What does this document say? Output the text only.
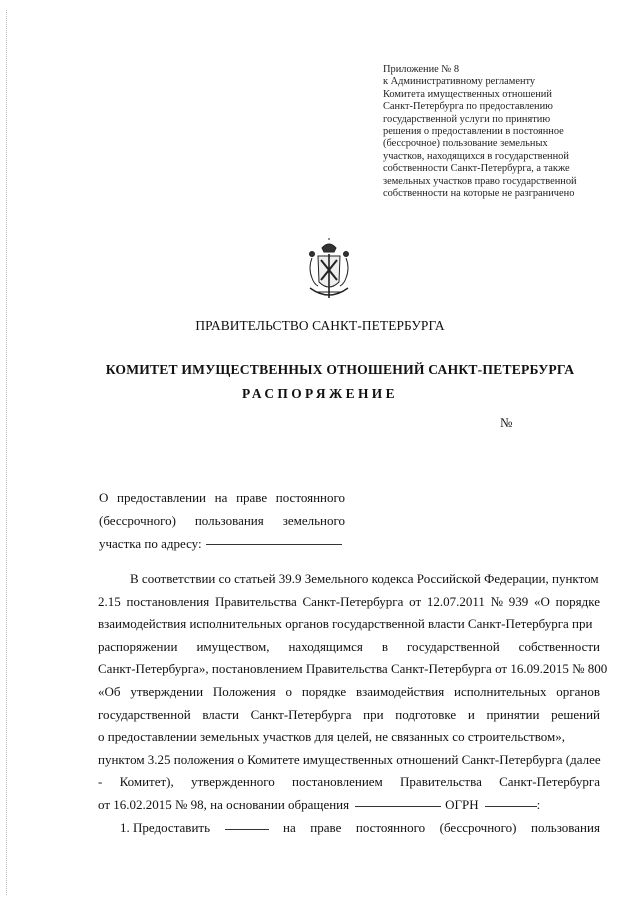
Приложение № 8
к Административному регламенту
Комитета имущественных отношений
Санкт-Петербурга по предоставлению
государственной услуги по принятию
решения о предоставлении в постоянное
(бессрочное) пользование земельных
участков, находящихся в государственной
собственности Санкт-Петербурга, а также
земельных участков право государственной
собственности на которые не разграничено
ПРАВИТЕЛЬСТВО САНКТ-ПЕТЕРБУРГА
КОМИТЕТ ИМУЩЕСТВЕННЫХ ОТНОШЕНИЙ САНКТ-ПЕТЕРБУРГА
РАСПОРЯЖЕНИЕ
№
О предоставлении на праве постоянного
(бессрочного) пользования земельного
участка по адресу:
В соответствии со статьей 39.9 Земельного кодекса Российской Федерации, пунктом
2.15 постановления Правительства Санкт-Петербурга от 12.07.2011 № 939 «О порядке
взаимодействия исполнительных органов государственной власти Санкт-Петербурга при
распоряжении имуществом, находящимся в государственной собственности
Санкт-Петербурга», постановлением Правительства Санкт-Петербурга от 16.09.2015 № 800
«Об утверждении Положения о порядке взаимодействия исполнительных органов
государственной власти Санкт-Петербурга при подготовке и принятии решений
о предоставлении земельных участков для целей, не связанных со строительством»,
пунктом 3.25 положения о Комитете имущественных отношений Санкт-Петербурга (далее
- Комитет), утвержденного постановлением Правительства Санкт-Петербурга
от 16.02.2015 № 98, на основании обращения	ОГРН	:
1. Предоставить	на праве постоянного (бессрочного) пользования
